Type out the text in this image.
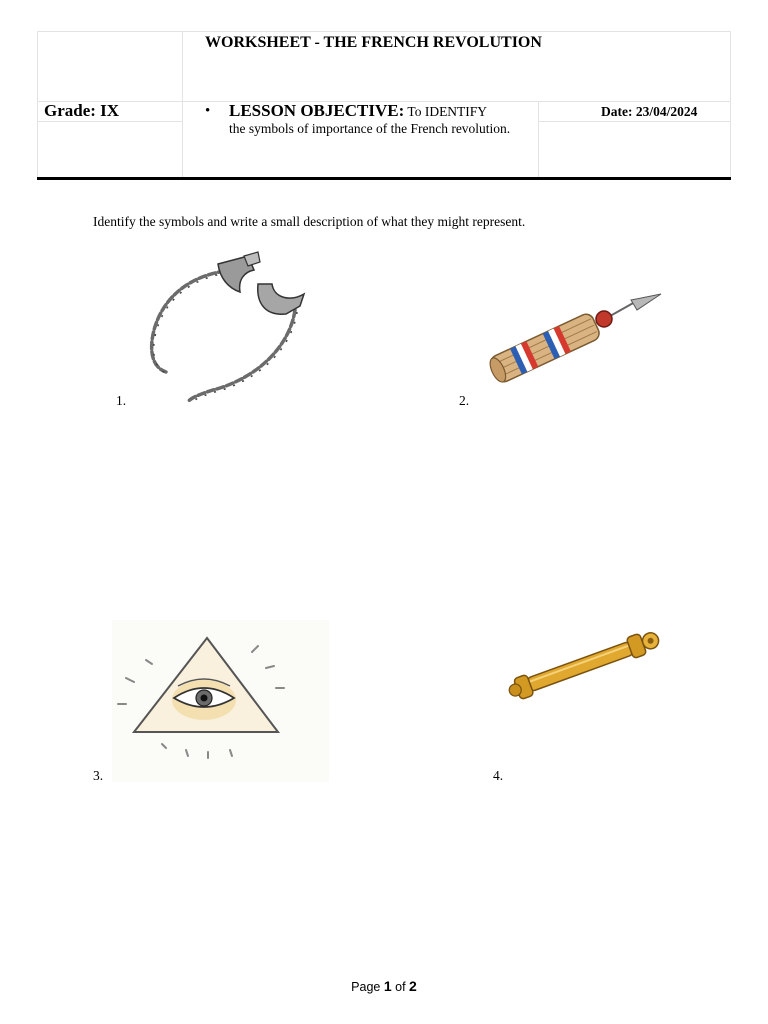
WORKSHEET - THE FRENCH REVOLUTION
Grade: IX	•	LESSON OBJECTIVE: To IDENTIFY
the symbols of importance of the French revolution.
Date: 23/04/2024
Identify the symbols and write a small description of what they might represent.
1.	2.
3.	4.
Page 1 of 2
